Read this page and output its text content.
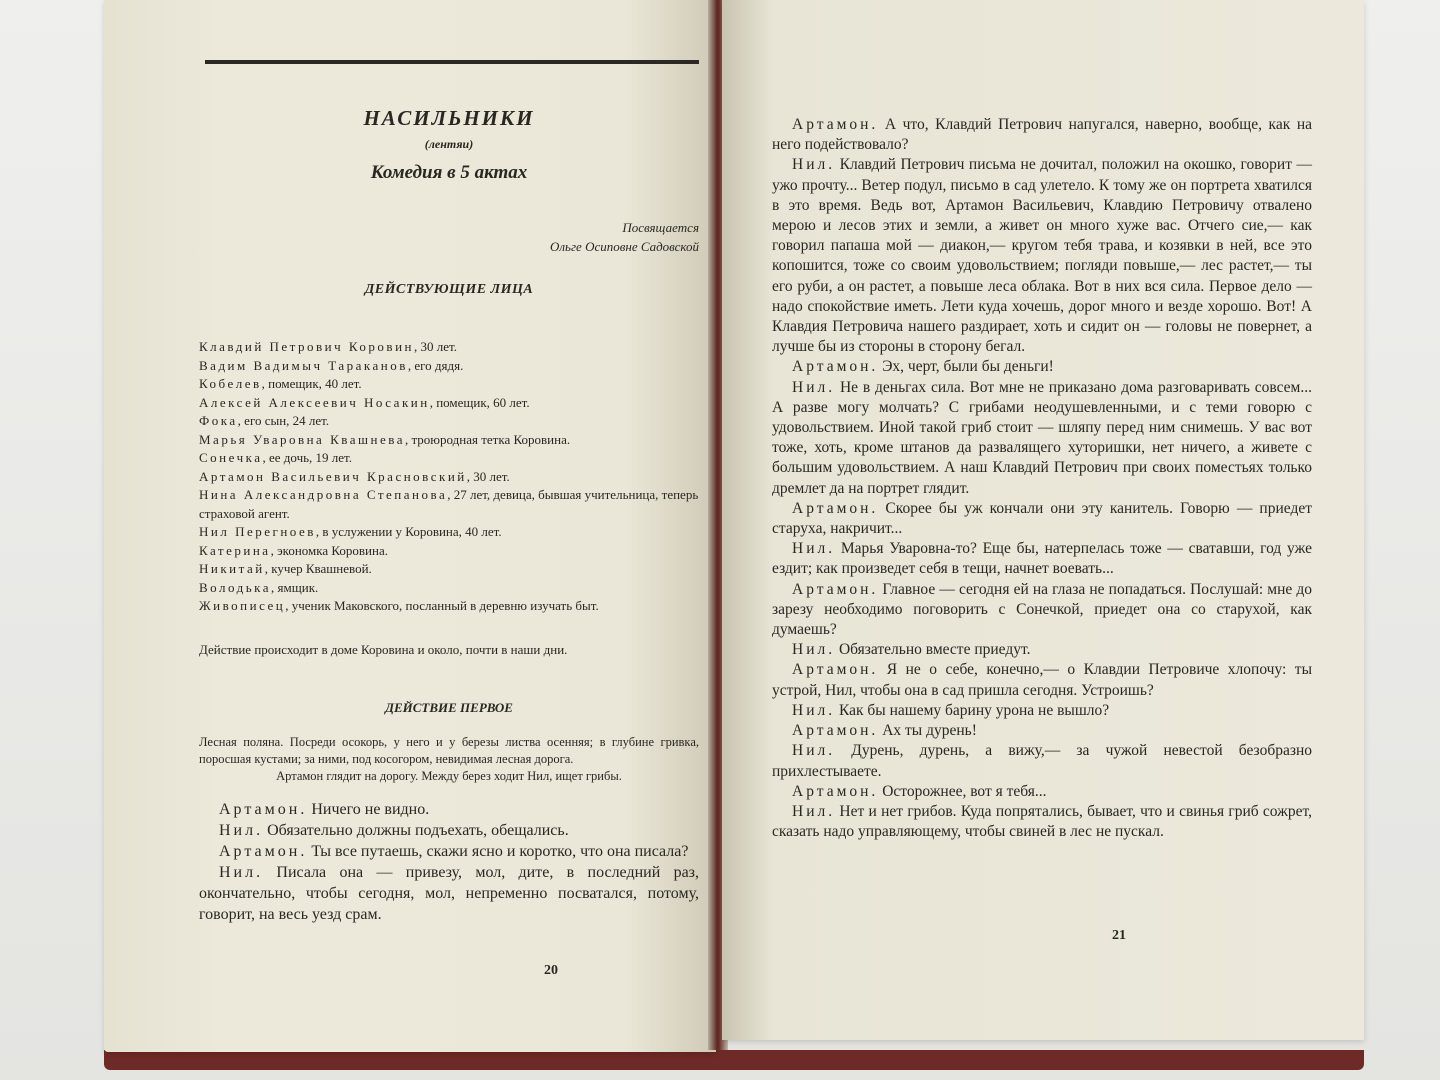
НАСИЛЬНИКИ
(лентяи)
Комедия в 5 актах
Посвящается
Ольге Осиповне Садовской
ДЕЙСТВУЮЩИЕ ЛИЦА
Клавдий Петрович Коровин, 30 лет.
Вадим Вадимыч Тараканов, его дядя.
Кобелев, помещик, 40 лет.
Алексей Алексеевич Носакин, помещик, 60 лет.
Фока, его сын, 24 лет.
Марья Уваровна Квашнева, троюродная тетка Коровина.
Сонечка, ее дочь, 19 лет.
Артамон Васильевич Красновский, 30 лет.
Нина Александровна Степанова, 27 лет, девица, бывшая учительница, теперь страховой агент.
Нил Перегноев, в услужении у Коровина, 40 лет.
Катерина, экономка Коровина.
Никитай, кучер Квашневой.
Володька, ямщик.
Живописец, ученик Маковского, посланный в деревню изучать быт.
Действие происходит в доме Коровина и около, почти в наши дни.
ДЕЙСТВИЕ ПЕРВОЕ
Лесная поляна. Посреди осокорь, у него и у березы листва осенняя; в глубине гривка, поросшая кустами; за ними, под косогором, невидимая лесная дорога.
Артамон глядит на дорогу. Между берез ходит Нил, ищет грибы.

Артамон. Ничего не видно.

Нил. Обязательно должны подъехать, обещались.

Артамон. Ты все путаешь, скажи ясно и коротко, что она писала?

Нил. Писала она — привезу, мол, дите, в последний раз, окончательно, чтобы сегодня, мол, непременно посватался, потому, говорит, на весь уезд срам.

20

Артамон. А что, Клавдий Петрович напугался, наверно, вообще, как на него подействовало?

Нил. Клавдий Петрович письма не дочитал, положил на окошко, говорит — ужо прочту... Ветер подул, письмо в сад улетело. К тому же он портрета хватился в это время. Ведь вот, Артамон Васильевич, Клавдию Петровичу отвалено мерою и лесов этих и земли, а живет он много хуже вас. Отчего сие,— как говорил папаша мой — диакон,— кругом тебя трава, и козявки в ней, все это копошится, тоже со своим удовольствием; погляди повыше,— лес растет,— ты его руби, а он растет, а повыше леса облака. Вот в них вся сила. Первое дело — надо спокойствие иметь. Лети куда хочешь, дорог много и везде хорошо. Вот! А Клавдия Петровича нашего раздирает, хоть и сидит он — головы не повернет, а лучше бы из стороны в сторону бегал.

Артамон. Эх, черт, были бы деньги!

Нил. Не в деньгах сила. Вот мне не приказано дома разговаривать совсем... А разве могу молчать? С грибами неодушевленными, и с теми говорю с удовольствием. Иной такой гриб стоит — шляпу перед ним снимешь. У вас вот тоже, хоть, кроме штанов да развалящего хуторишки, нет ничего, а живете с большим удовольствием. А наш Клавдий Петрович при своих поместьях только дремлет да на портрет глядит.

Артамон. Скорее бы уж кончали они эту канитель. Говорю — приедет старуха, накричит...

Нил. Марья Уваровна-то? Еще бы, натерпелась тоже — сватавши, год уже ездит; как произведет себя в тещи, начнет воевать...

Артамон. Главное — сегодня ей на глаза не попадаться. Послушай: мне до зарезу необходимо поговорить с Сонечкой, приедет она со старухой, как думаешь?

Нил. Обязательно вместе приедут.

Артамон. Я не о себе, конечно,— о Клавдии Петровиче хлопочу: ты устрой, Нил, чтобы она в сад пришла сегодня. Устроишь?

Нил. Как бы нашему барину урона не вышло?

Артамон. Ах ты дурень!

Нил. Дурень, дурень, а вижу,— за чужой невестой безобразно прихлестываете.

Артамон. Осторожнее, вот я тебя...

Нил. Нет и нет грибов. Куда попрятались, бывает, что и свинья гриб сожрет, сказать надо управляющему, чтобы свиней в лес не пускал.

21
